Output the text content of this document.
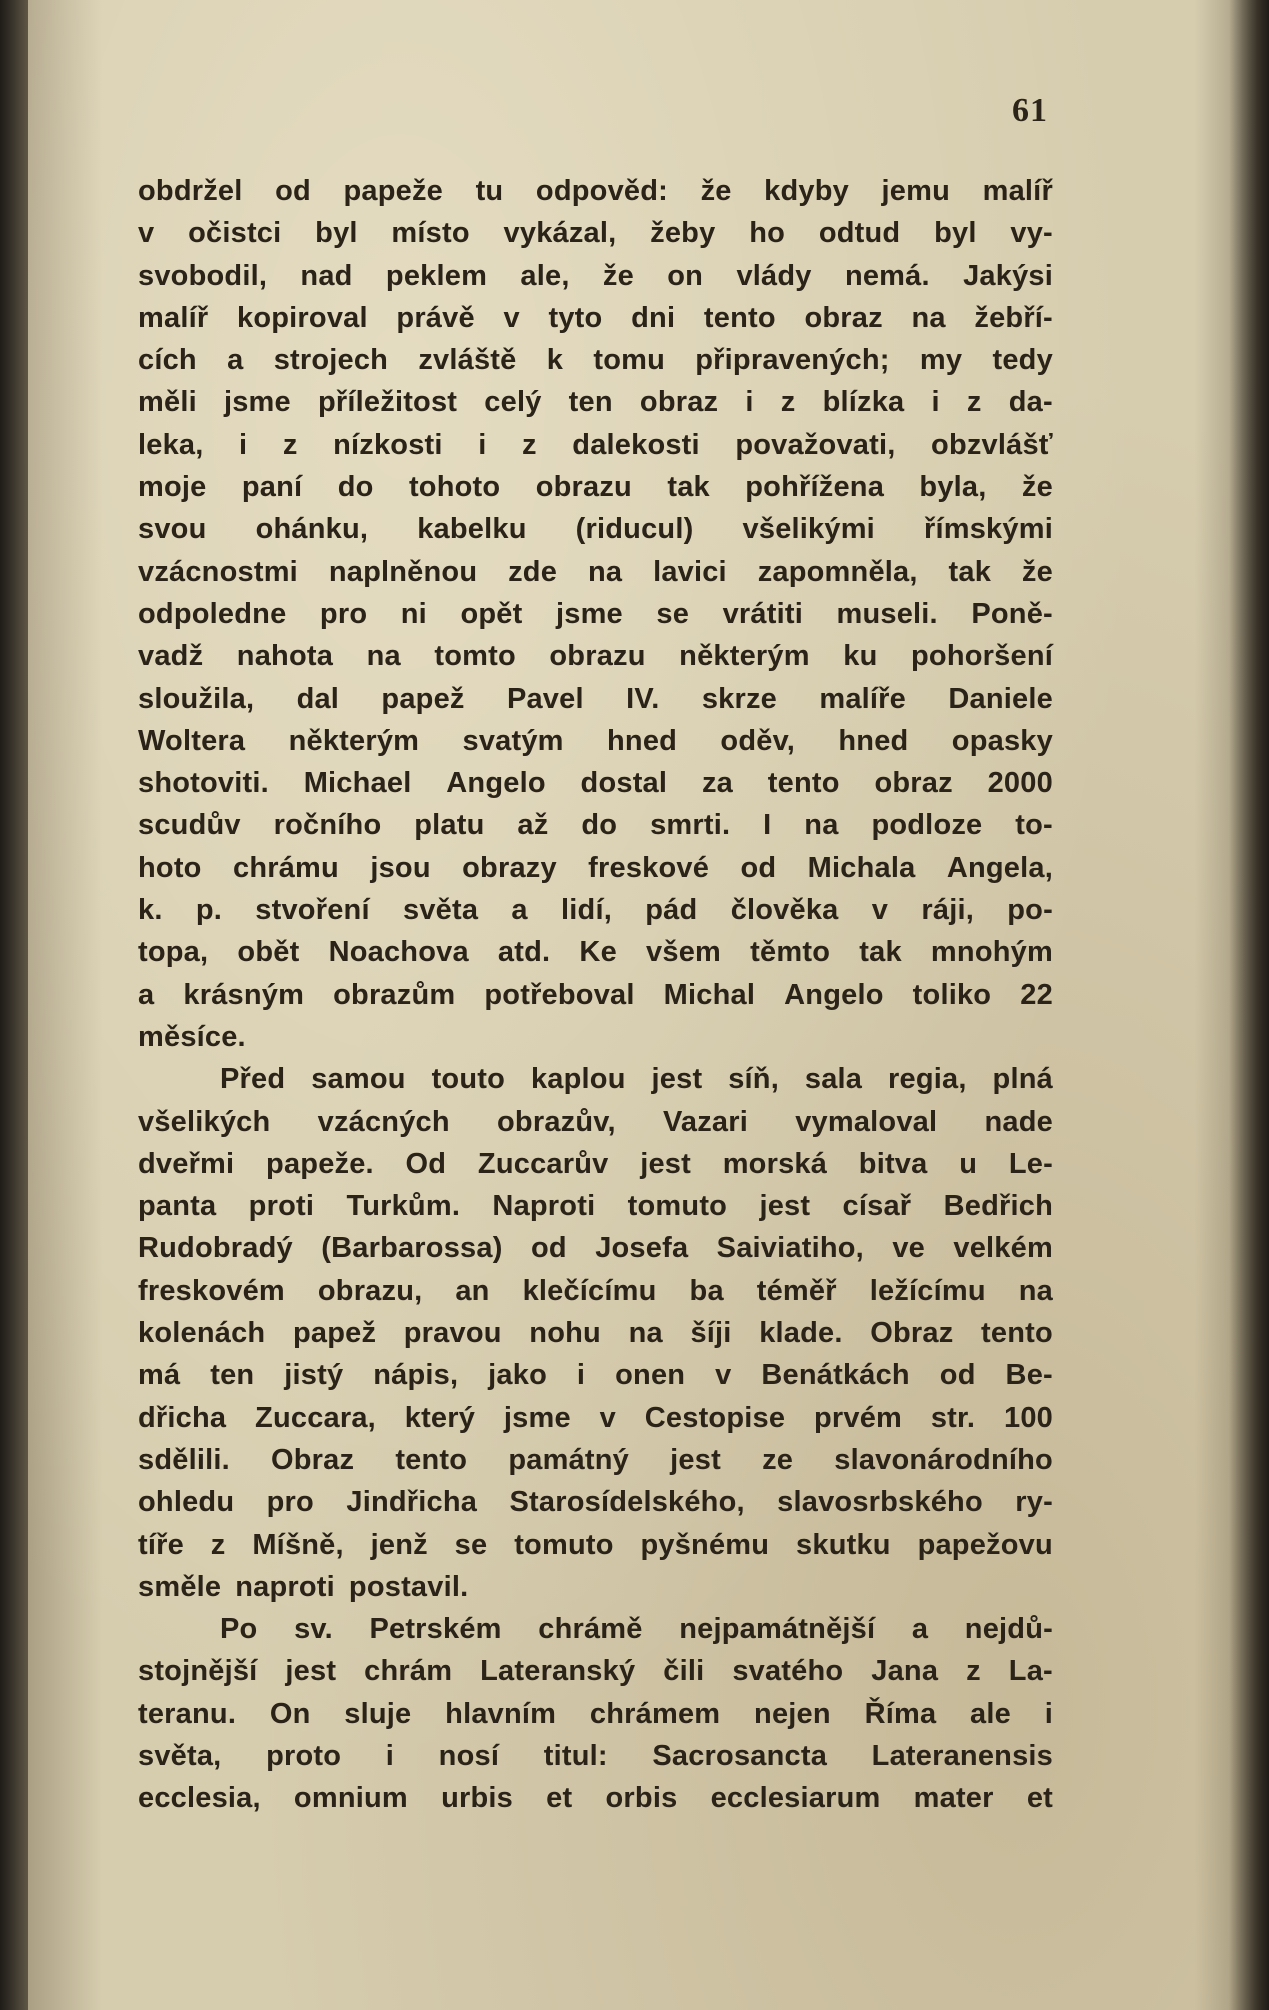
61
obdržel od papeže tu odpověd: že kdyby jemu malíř
v očistci byl místo vykázal, žeby ho odtud byl vy-
svobodil, nad peklem ale, že on vlády nemá. Jakýsi
malíř kopiroval právě v tyto dni tento obraz na žebří-
cích a strojech zvláště k tomu připravených; my tedy
měli jsme příležitost celý ten obraz i z blízka i z da-
leka, i z nízkosti i z dalekosti považovati, obzvlášť
moje paní do tohoto obrazu tak pohřížena byla, že
svou ohánku, kabelku (riducul) všelikými římskými
vzácnostmi naplněnou zde na lavici zapomněla, tak že
odpoledne pro ni opět jsme se vrátiti museli. Poně-
vadž nahota na tomto obrazu některým ku pohoršení
sloužila, dal papež Pavel IV. skrze malíře Daniele
Woltera některým svatým hned oděv, hned opasky
shotoviti. Michael Angelo dostal za tento obraz 2000
scudův ročního platu až do smrti. I na podloze to-
hoto chrámu jsou obrazy freskové od Michala Angela,
k. p. stvoření světa a lidí, pád člověka v ráji, po-
topa, obět Noachova atd. Ke všem těmto tak mnohým
a krásným obrazům potřeboval Michal Angelo toliko 22
měsíce.
Před samou touto kaplou jest síň, sala regia, plná
všelikých vzácných obrazův, Vazari vymaloval nade
dveřmi papeže. Od Zuccarův jest morská bitva u Le-
panta proti Turkům. Naproti tomuto jest císař Bedřich
Rudobradý (Barbarossa) od Josefa Saiviatiho, ve velkém
freskovém obrazu, an klečícímu ba téměř ležícímu na
kolenách papež pravou nohu na šíji klade. Obraz tento
má ten jistý nápis, jako i onen v Benátkách od Be-
dřicha Zuccara, který jsme v Cestopise prvém str. 100
sdělili. Obraz tento památný jest ze slavonárodního
ohledu pro Jindřicha Starosídelského, slavosrbského ry-
tíře z Míšně, jenž se tomuto pyšnému skutku papežovu
směle naproti postavil.
Po sv. Petrském chrámě nejpamátnější a nejdů-
stojnější jest chrám Lateranský čili svatého Jana z La-
teranu. On sluje hlavním chrámem nejen Říma ale i
světa, proto i nosí titul: Sacrosancta Lateranensis
ecclesia, omnium urbis et orbis ecclesiarum mater et
